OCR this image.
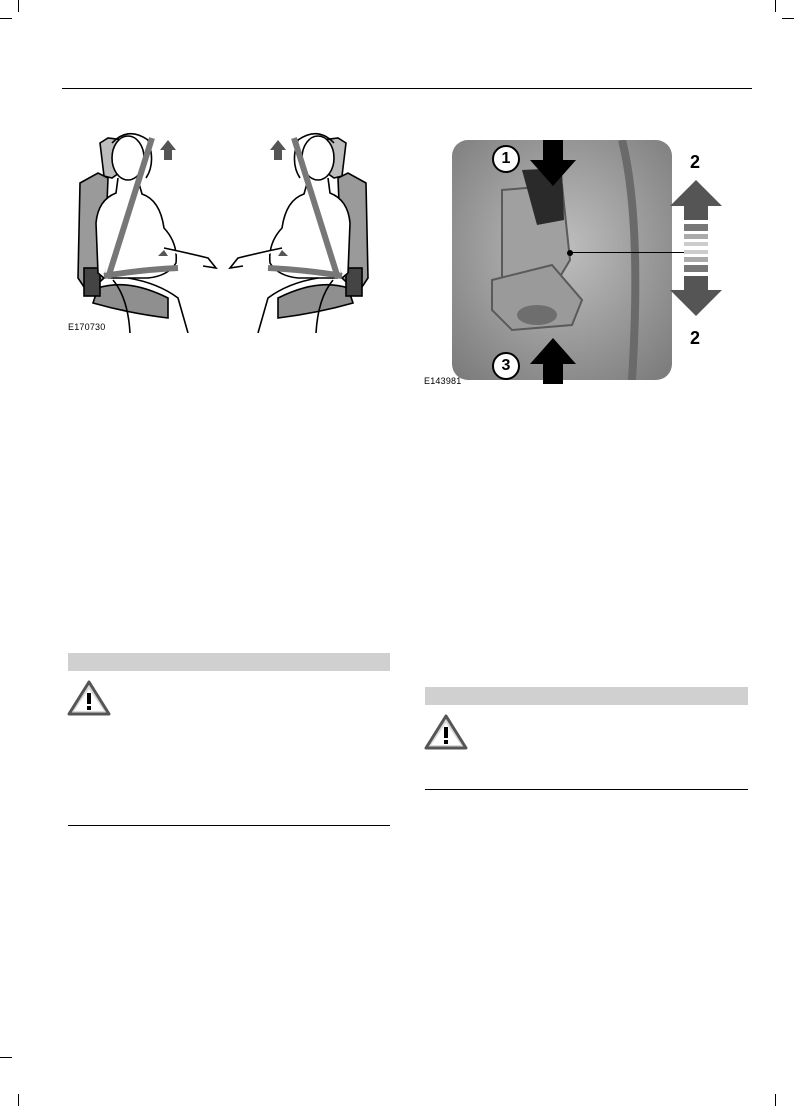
E170730
1
3
2
2
E143981
